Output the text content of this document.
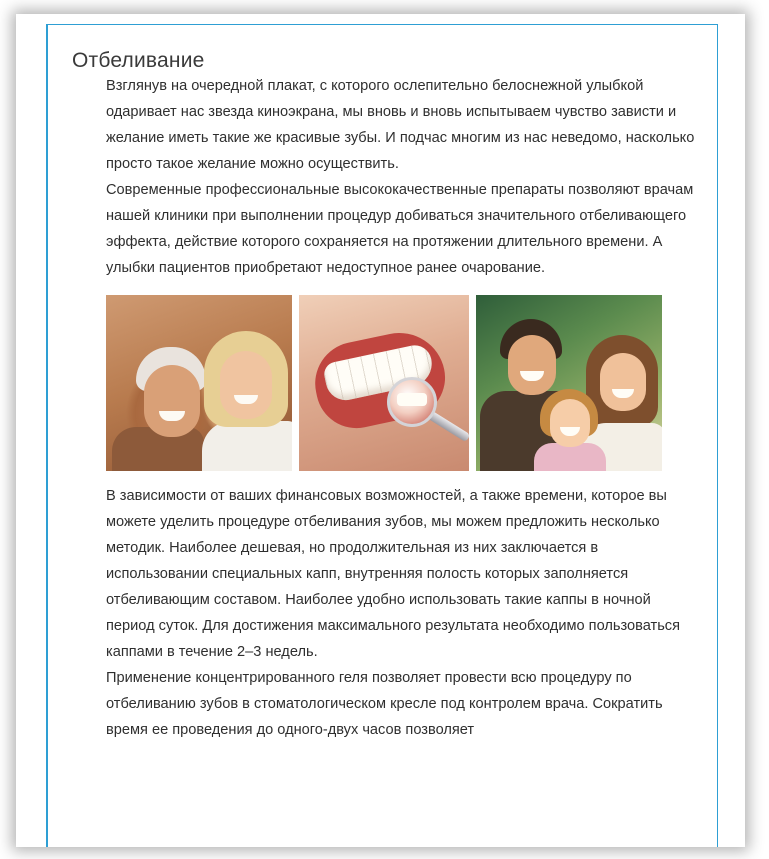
Отбеливание

Взглянув на очередной плакат, с которого ослепительно белоснежной улыбкой одаривает нас звезда киноэкрана, мы вновь и вновь испытываем чувство зависти и желание иметь такие же красивые зубы. И подчас многим из нас неведомо, насколько просто такое желание можно осуществить.

Современные профессиональные высококачественные препараты позволяют врачам нашей клиники при выполнении процедур добиваться значительного отбеливающего эффекта, действие которого сохраняется на протяжении длительного времени. А улыбки пациентов приобретают недоступное ранее очарование.

В зависимости от ваших финансовых возможностей, а также времени, которое вы можете уделить процедуре отбеливания зубов, мы можем предложить несколько методик. Наиболее дешевая, но продолжительная из них заключается в использовании специальных капп, внутренняя полость которых заполняется отбеливающим составом. Наиболее удобно использовать такие каппы в ночной период суток. Для достижения максимального результата необходимо пользоваться каппами в течение 2–3 недель.

Применение концентрированного геля позволяет провести всю процедуру по отбеливанию зубов в стоматологическом кресле под контролем врача. Сократить время ее проведения до одного-двух часов позволяет
